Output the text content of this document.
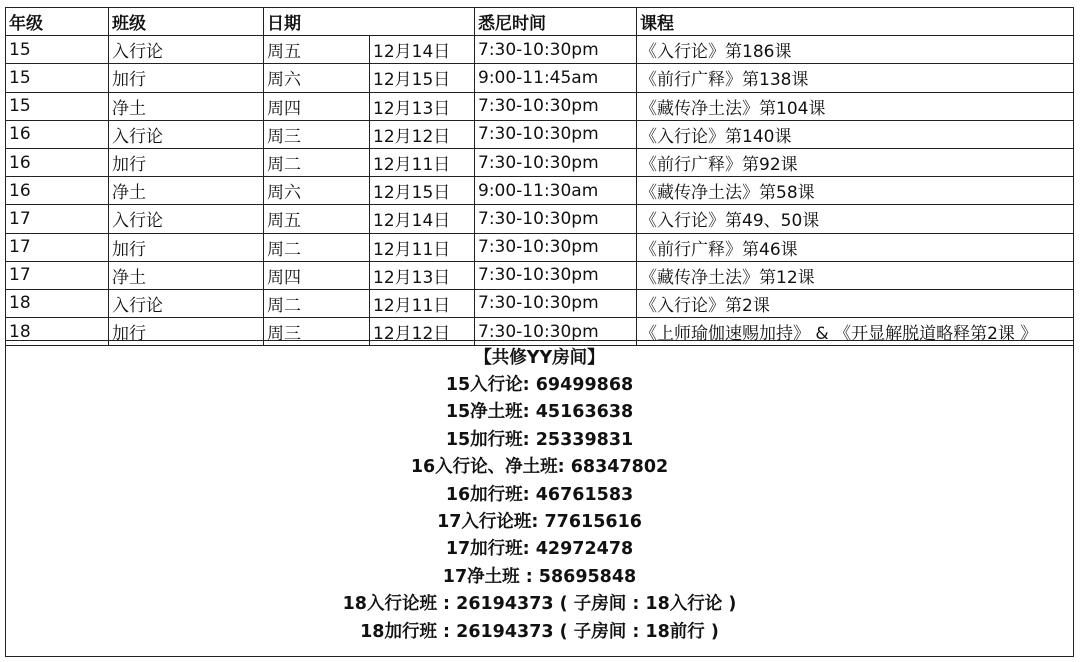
年级	班级	日期		悉尼时间	课程
15	入行论	周五	12月14日	7:30-10:30pm	《入行论》第186课
15	加行	周六	12月15日	9:00-11:45am	《前行广释》第138课
15	净土	周四	12月13日	7:30-10:30pm	《藏传净土法》第104课
16	入行论	周三	12月12日	7:30-10:30pm	《入行论》第140课
16	加行	周二	12月11日	7:30-10:30pm	《前行广释》第92课
16	净土	周六	12月15日	9:00-11:30am	《藏传净土法》第58课
17	入行论	周五	12月14日	7:30-10:30pm	《入行论》第49、50课
17	加行	周二	12月11日	7:30-10:30pm	《前行广释》第46课
17	净土	周四	12月13日	7:30-10:30pm	《藏传净土法》第12课
18	入行论	周二	12月11日	7:30-10:30pm	《入行论》第2课
18	加行	周三	12月12日	7:30-10:30pm	《上师瑜伽速赐加持》 & 《开显解脱道略释第2课 》
【共修YY房间】
15入行论: 69499868
15净土班: 45163638
15加行班: 25339831
16入行论、净土班: 68347802
16加行班: 46761583
17入行论班: 77615616
17加行班: 42972478
17净土班 : 58695848
18入行论班 : 26194373 ( 子房间 : 18入行论 )
18加行班 : 26194373 ( 子房间 : 18前行 )
